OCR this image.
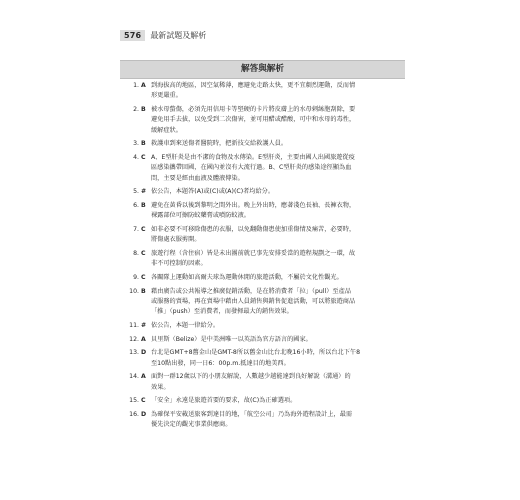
576	最新試題及解析
解答與解析
1. A 到海拔高的地區，因空氣稀薄，應避免走路太快，更不宜劇烈運動，反而情
形更嚴重。
2. B 被水母螫傷，必須先用信用卡等堅硬的卡片將皮膚上的水母刺絲胞刮除，要
避免用手去拔，以免受到二次傷害，並可用醋或醋酸，可中和水母的毒性，
緩解症狀。
3. B 救護車到來送傷者醫院時，把新技交給救護人員。
4. C A、E型肝炎是由不潔的食物及水傳染。E型肝炎，主要由國人出國旅遊從疫
區感染攜帶回國，在國內並沒有大流行過。B、C型肝炎的感染途徑顯為血
問，主要是經由血液及體液傳染。
5. # 依公告，本題答(A)或(C)或(A)(C)者均給分。
6. B 避免在黃昏以後到黎明之間外出。晚上外出時，應著淺色長袖、長褲衣物，
裸露部位可擦防蚊藥膏或噴防蚊液。
7. C 如非必要不可移除傷患的衣服，以免翻動傷患使加重傷情及痛苦，必要時，
將傷處衣服剪開。
8. C 旅遊行程（含住宿）皆是未出團前就已事先安排妥當的遊程規劃之一環，故
非不可控制的因素。
9. C 各關隊上運動如高爾夫球為運動休閒的旅遊活動，不屬於文化性觀光。
10. B 藉由廣告或公共報導之推廣促銷活動，是在將消費者「拉」（pull）至產品
或服務的賣場，再在賣場中藉由人員銷售與銷售促進活動，可以將旅遊商品
「推」（push）至消費者，而發揮最大的銷售效果。
11. # 依公告，本題一律給分。
12. A 貝里斯（Belize）是中美洲唯一以英語為官方語言的國家。
13. D 台北是GMT+8舊金山是GMT-8所以舊金山比台北晚16小時，所以台北下午8
至10點出發，同一日6：00p.m.抵達目的地美西。
14. A 面對一群12歲以下的小朋友解說，人數越少越能達到良好解說（溝通）的
效果。
15. C 「安全」永遠是旅遊首要的要求，故(C)為正確選項。
16. D 為確保平安載送旅客到達目的地，「航空公司」乃為海外遊程設計上，最需
優先決定的觀光事業供應商。
